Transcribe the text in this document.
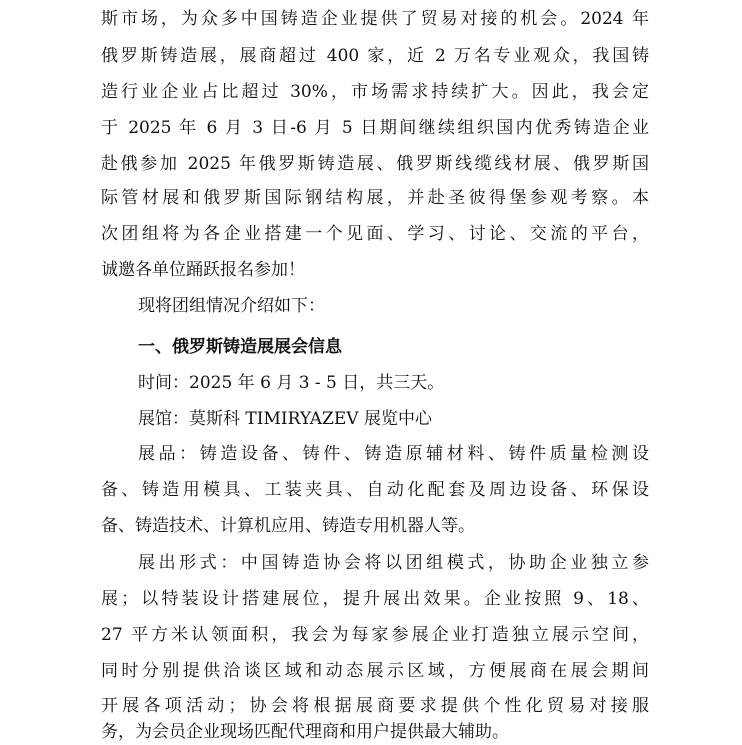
斯市场，为众多中国铸造企业提供了贸易对接的机会。2024 年

俄罗斯铸造展，展商超过 400 家，近 2 万名专业观众，我国铸

造行业企业占比超过 30%，市场需求持续扩大。因此，我会定

于 2025 年 6 月 3 日-6 月 5 日期间继续组织国内优秀铸造企业

赴俄参加 2025 年俄罗斯铸造展、俄罗斯线缆线材展、俄罗斯国

际管材展和俄罗斯国际钢结构展，并赴圣彼得堡参观考察。本

次团组将为各企业搭建一个见面、学习、讨论、交流的平台，

诚邀各单位踊跃报名参加！

现将团组情况介绍如下：

一、俄罗斯铸造展展会信息

时间：2025 年 6 月 3 - 5 日，共三天。

展馆：莫斯科 TIMIRYAZEV 展览中心

展品：铸造设备、铸件、铸造原辅材料、铸件质量检测设

备、铸造用模具、工装夹具、自动化配套及周边设备、环保设

备、铸造技术、计算机应用、铸造专用机器人等。

展出形式：中国铸造协会将以团组模式，协助企业独立参

展；以特装设计搭建展位，提升展出效果。企业按照 9、18、

27 平方米认领面积，我会为每家参展企业打造独立展示空间，

同时分别提供洽谈区域和动态展示区域，方便展商在展会期间

开展各项活动；协会将根据展商要求提供个性化贸易对接服

务，为会员企业现场匹配代理商和用户提供最大辅助。
